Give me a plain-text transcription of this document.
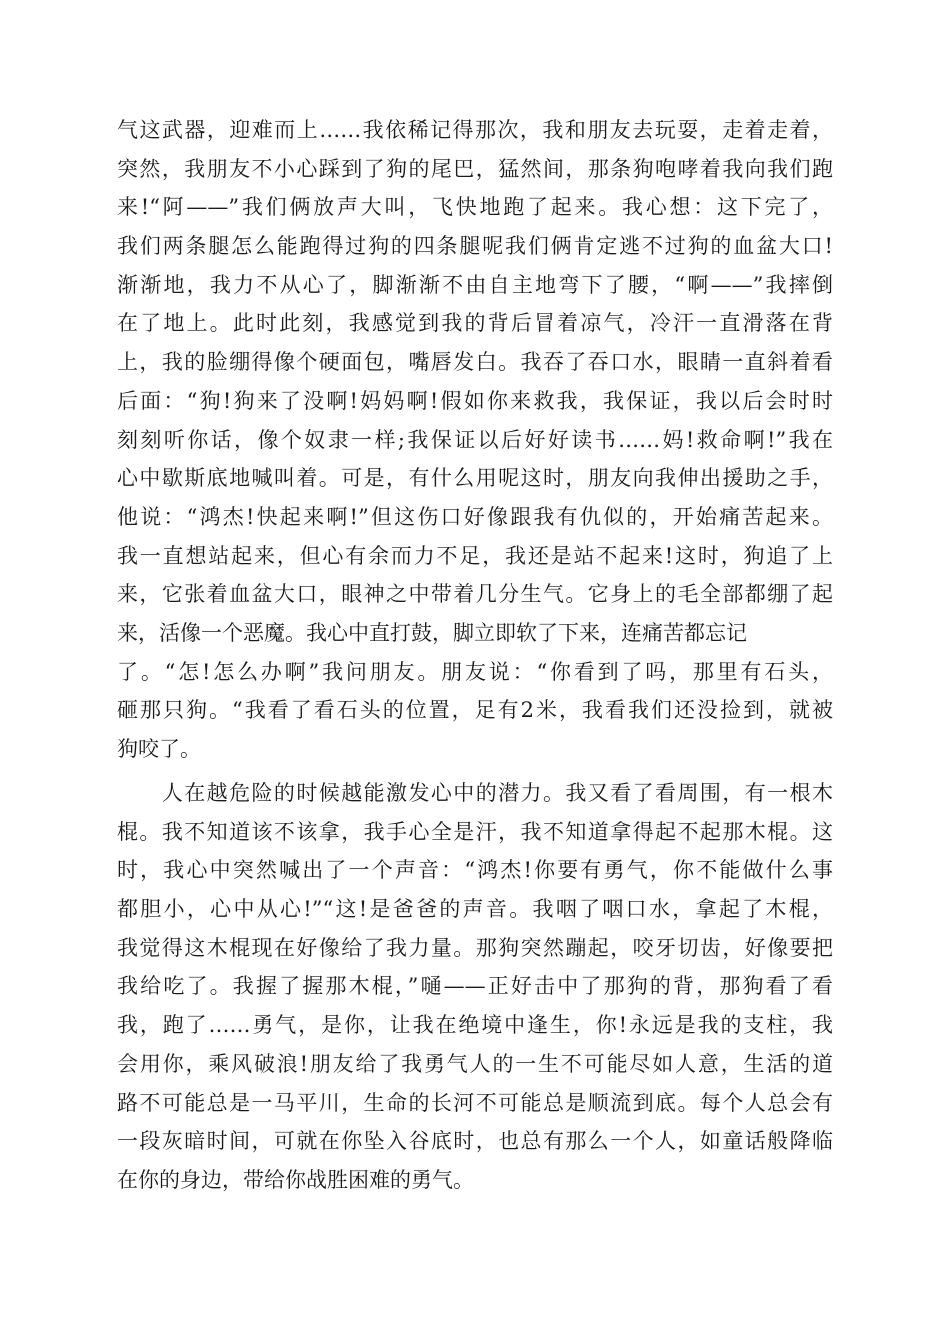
气这武器，迎难而上……我依稀记得那次，我和朋友去玩耍，走着走着，
突然，我朋友不小心踩到了狗的尾巴，猛然间，那条狗咆哮着我向我们跑
来!“阿——”我们俩放声大叫，飞快地跑了起来。我心想：这下完了，
我们两条腿怎么能跑得过狗的四条腿呢我们俩肯定逃不过狗的血盆大口!
渐渐地，我力不从心了，脚渐渐不由自主地弯下了腰，“啊——”我摔倒
在了地上。此时此刻，我感觉到我的背后冒着凉气，冷汗一直滑落在背
上，我的脸绷得像个硬面包，嘴唇发白。我吞了吞口水，眼睛一直斜着看
后面：“狗!狗来了没啊!妈妈啊!假如你来救我，我保证，我以后会时时
刻刻听你话，像个奴隶一样;我保证以后好好读书……妈!救命啊!”我在
心中歇斯底地喊叫着。可是，有什么用呢这时，朋友向我伸出援助之手，
他说：“鸿杰!快起来啊!”但这伤口好像跟我有仇似的，开始痛苦起来。
我一直想站起来，但心有余而力不足，我还是站不起来!这时，狗追了上
来，它张着血盆大口，眼神之中带着几分生气。它身上的毛全部都绷了起
来，活像一个恶魔。我心中直打鼓，脚立即软了下来，连痛苦都忘记
了。“怎!怎么办啊”我问朋友。朋友说：“你看到了吗，那里有石头，
砸那只狗。“我看了看石头的位置，足有2米，我看我们还没捡到，就被
狗咬了。
　　人在越危险的时候越能激发心中的潜力。我又看了看周围，有一根木
棍。我不知道该不该拿，我手心全是汗，我不知道拿得起不起那木棍。这
时，我心中突然喊出了一个声音：“鸿杰!你要有勇气，你不能做什么事
都胆小，心中从心!”“这!是爸爸的声音。我咽了咽口水，拿起了木棍，
我觉得这木棍现在好像给了我力量。那狗突然蹦起，咬牙切齿，好像要把
我给吃了。我握了握那木棍，”嗵——正好击中了那狗的背，那狗看了看
我，跑了……勇气，是你，让我在绝境中逢生，你!永远是我的支柱，我
会用你，乘风破浪!朋友给了我勇气人的一生不可能尽如人意，生活的道
路不可能总是一马平川，生命的长河不可能总是顺流到底。每个人总会有
一段灰暗时间，可就在你坠入谷底时，也总有那么一个人，如童话般降临
在你的身边，带给你战胜困难的勇气。
